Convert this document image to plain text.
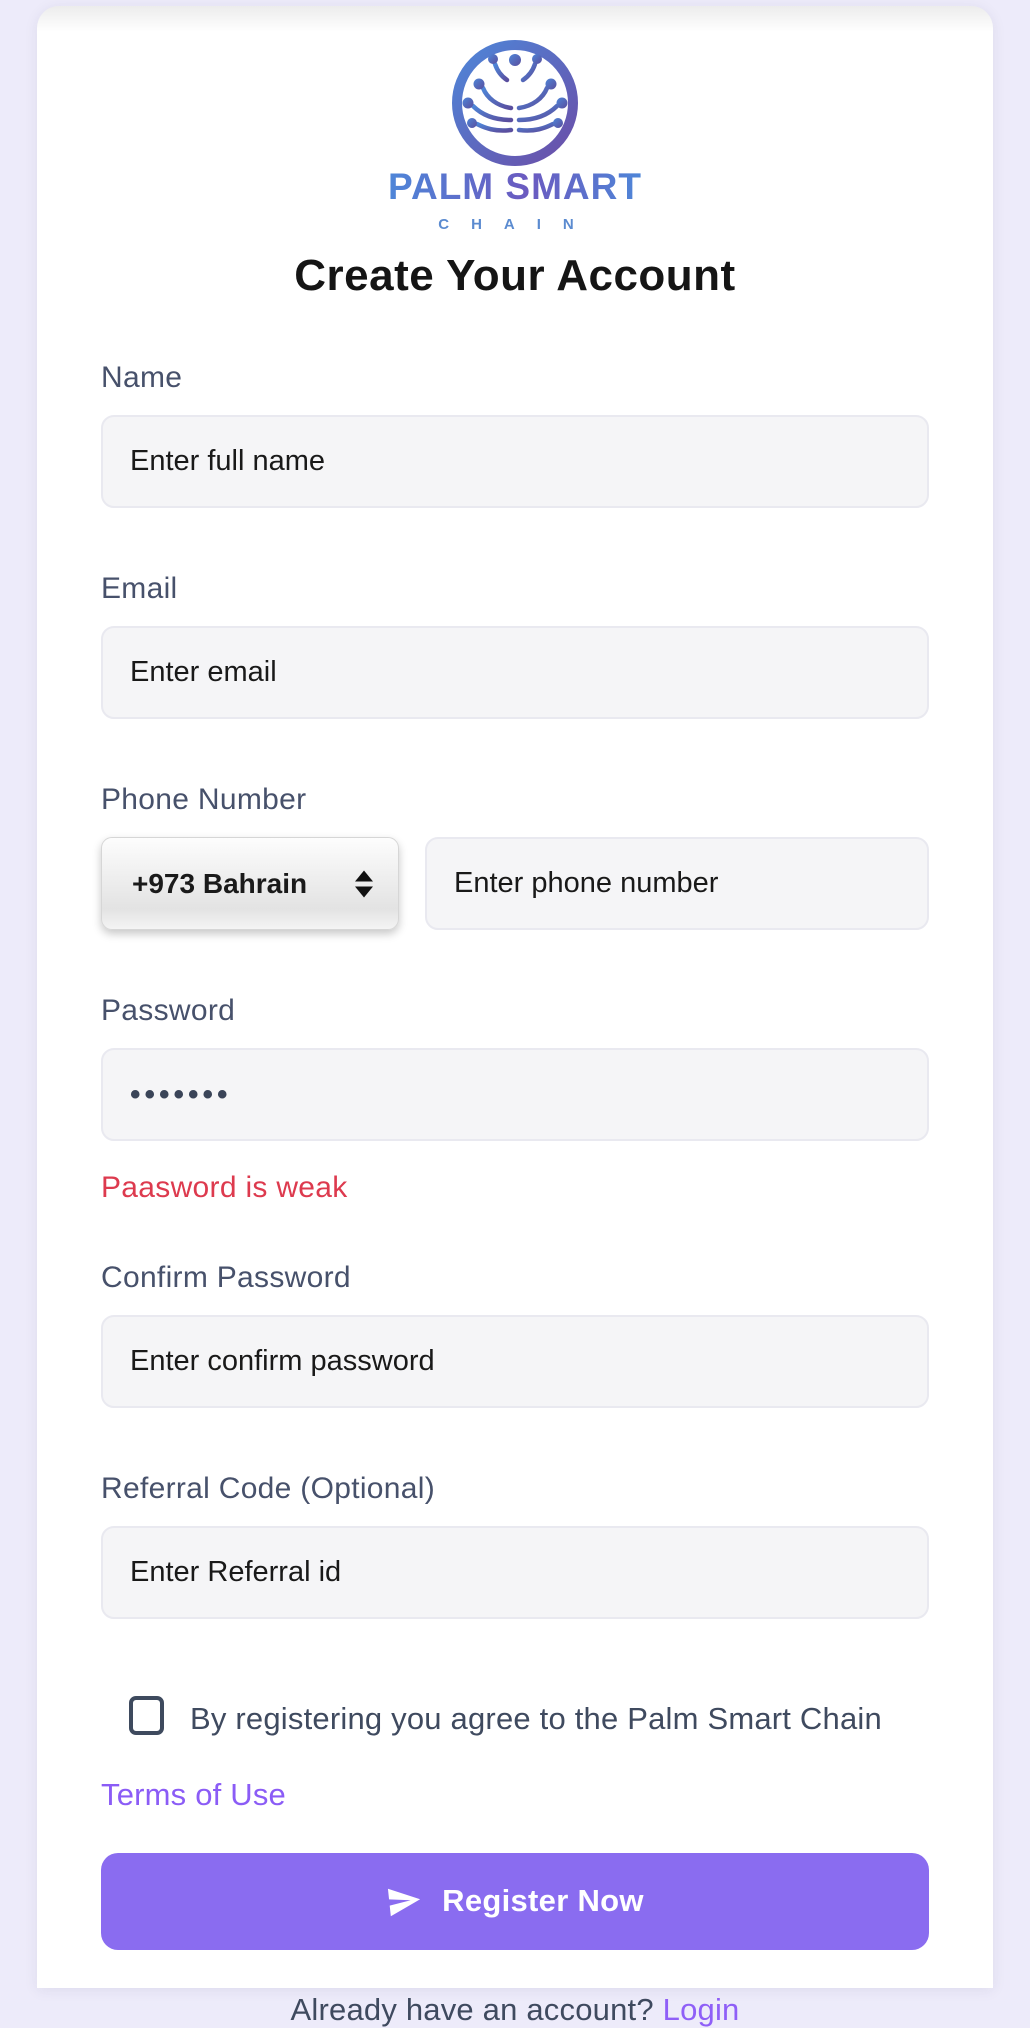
PALM SMART
CHAIN
Create Your Account
Name
Enter full name
Email
Enter email
Phone Number
+973 Bahrain
Enter phone number
Password
•••••••
Paasword is weak
Confirm Password
Enter confirm password
Referral Code (Optional)
Enter Referral id
By registering you agree to the Palm Smart Chain Terms of Use
Register Now
Already have an account? Login
